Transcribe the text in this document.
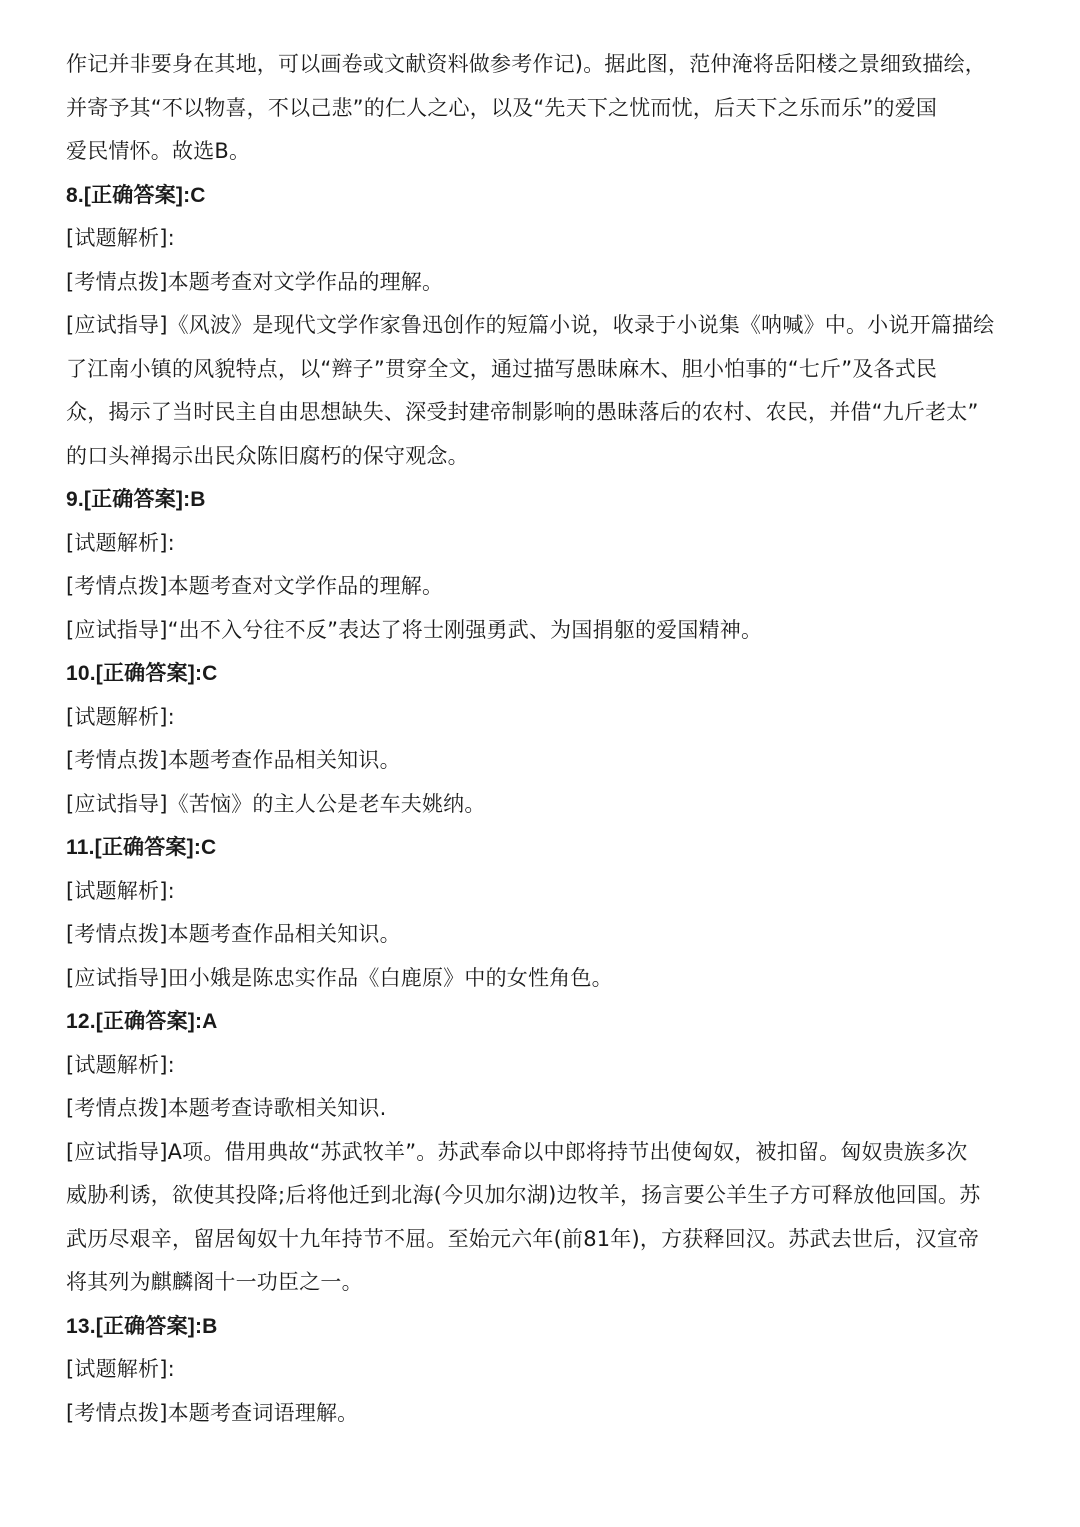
作记并非要身在其地，可以画卷或文献资料做参考作记)。据此图，范仲淹将岳阳楼之景细致描绘，
并寄予其“不以物喜，不以己悲”的仁人之心，以及“先天下之忧而忧，后天下之乐而乐”的爱国
爱民情怀。故选B。
8.[正确答案]:C
[试题解析]:
[考情点拨]本题考查对文学作品的理解。
[应试指导]《风波》是现代文学作家鲁迅创作的短篇小说，收录于小说集《呐喊》中。小说开篇描绘
了江南小镇的风貌特点，以“辫子”贯穿全文，通过描写愚昧麻木、胆小怕事的“七斤”及各式民
众，揭示了当时民主自由思想缺失、深受封建帝制影响的愚昧落后的农村、农民，并借“九斤老太”
的口头禅揭示出民众陈旧腐朽的保守观念。
9.[正确答案]:B
[试题解析]:
[考情点拨]本题考查对文学作品的理解。
[应试指导]“出不入兮往不反”表达了将士刚强勇武、为国捐躯的爱国精神。
10.[正确答案]:C
[试题解析]:
[考情点拨]本题考查作品相关知识。
[应试指导]《苦恼》的主人公是老车夫姚纳。
11.[正确答案]:C
[试题解析]:
[考情点拨]本题考查作品相关知识。
[应试指导]田小娥是陈忠实作品《白鹿原》中的女性角色。
12.[正确答案]:A
[试题解析]:
[考情点拨]本题考查诗歌相关知识.
[应试指导]A项。借用典故“苏武牧羊”。苏武奉命以中郎将持节出使匈奴，被扣留。匈奴贵族多次
威胁利诱，欲使其投降;后将他迁到北海(今贝加尔湖)边牧羊，扬言要公羊生子方可释放他回国。苏
武历尽艰辛，留居匈奴十九年持节不屈。至始元六年(前81年)，方获释回汉。苏武去世后，汉宣帝
将其列为麒麟阁十一功臣之一。
13.[正确答案]:B
[试题解析]:
[考情点拨]本题考查词语理解。
